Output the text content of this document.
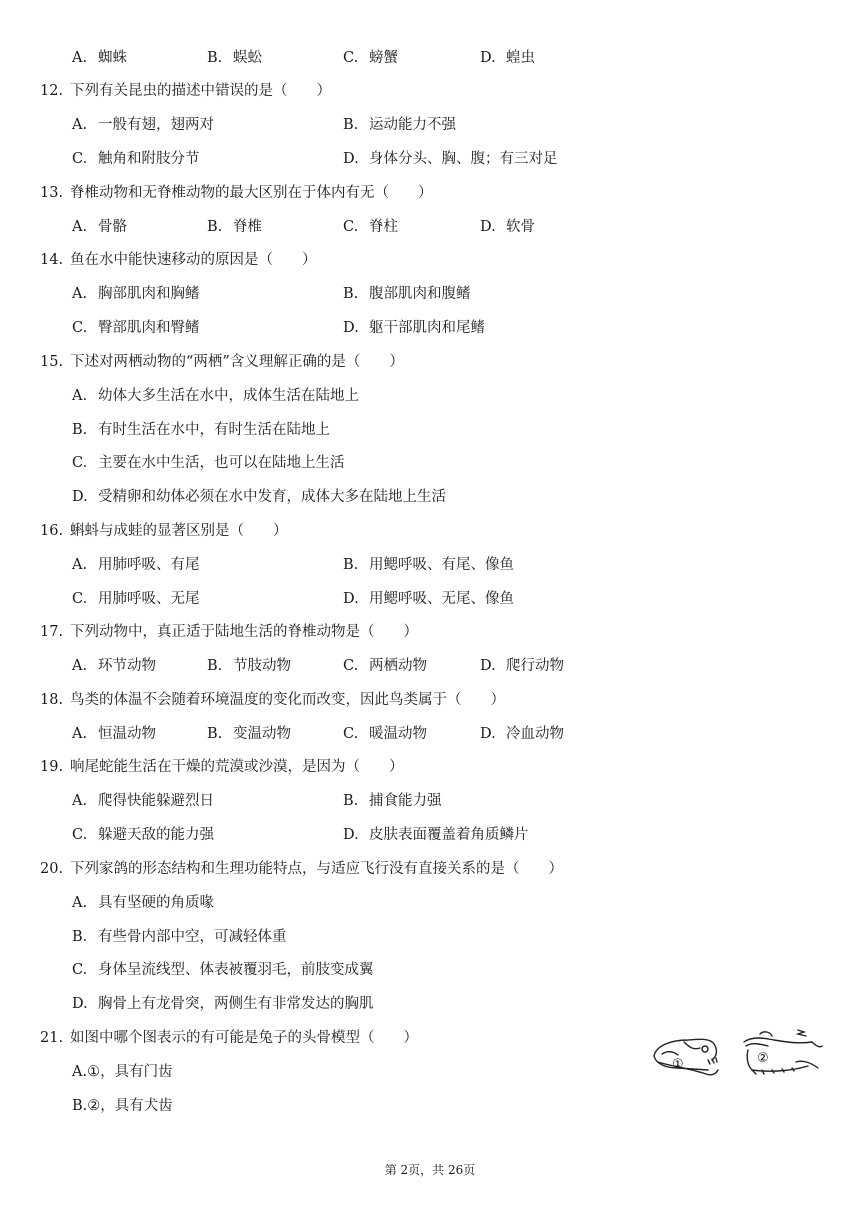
A. 蜘蛛	B. 蜈蚣	C. 螃蟹	D. 蝗虫
12. 下列有关昆虫的描述中错误的是（　　）
A. 一般有翅，翅两对	B. 运动能力不强
C. 触角和附肢分节	D. 身体分头、胸、腹；有三对足
13. 脊椎动物和无脊椎动物的最大区别在于体内有无（　　）
A. 骨骼	B. 脊椎	C. 脊柱	D. 软骨
14. 鱼在水中能快速移动的原因是（　　）
A. 胸部肌肉和胸鳍	B. 腹部肌肉和腹鳍
C. 臀部肌肉和臀鳍	D. 躯干部肌肉和尾鳍
15. 下述对两栖动物的“两栖”含义理解正确的是（　　）
A. 幼体大多生活在水中，成体生活在陆地上
B. 有时生活在水中，有时生活在陆地上
C. 主要在水中生活，也可以在陆地上生活
D. 受精卵和幼体必须在水中发育，成体大多在陆地上生活
16. 蝌蚪与成蛙的显著区别是（　　）
A. 用肺呼吸、有尾	B. 用鳃呼吸、有尾、像鱼
C. 用肺呼吸、无尾	D. 用鳃呼吸、无尾、像鱼
17. 下列动物中，真正适于陆地生活的脊椎动物是（　　）
A. 环节动物	B. 节肢动物	C. 两栖动物	D. 爬行动物
18. 鸟类的体温不会随着环境温度的变化而改变，因此鸟类属于（　　）
A. 恒温动物	B. 变温动物	C. 暖温动物	D. 冷血动物
19. 响尾蛇能生活在干燥的荒漠或沙漠，是因为（　　）
A. 爬得快能躲避烈日	B. 捕食能力强
C. 躲避天敌的能力强	D. 皮肤表面覆盖着角质鳞片
20. 下列家鸽的形态结构和生理功能特点，与适应飞行没有直接关系的是（　　）
A. 具有坚硬的角质喙
B. 有些骨内部中空，可减轻体重
C. 身体呈流线型、体表被覆羽毛，前肢变成翼
D. 胸骨上有龙骨突，两侧生有非常发达的胸肌
21. 如图中哪个图表示的有可能是兔子的头骨模型（　　）
A.①，具有门齿
B.②，具有犬齿
①	②
第 2页，共 26页
